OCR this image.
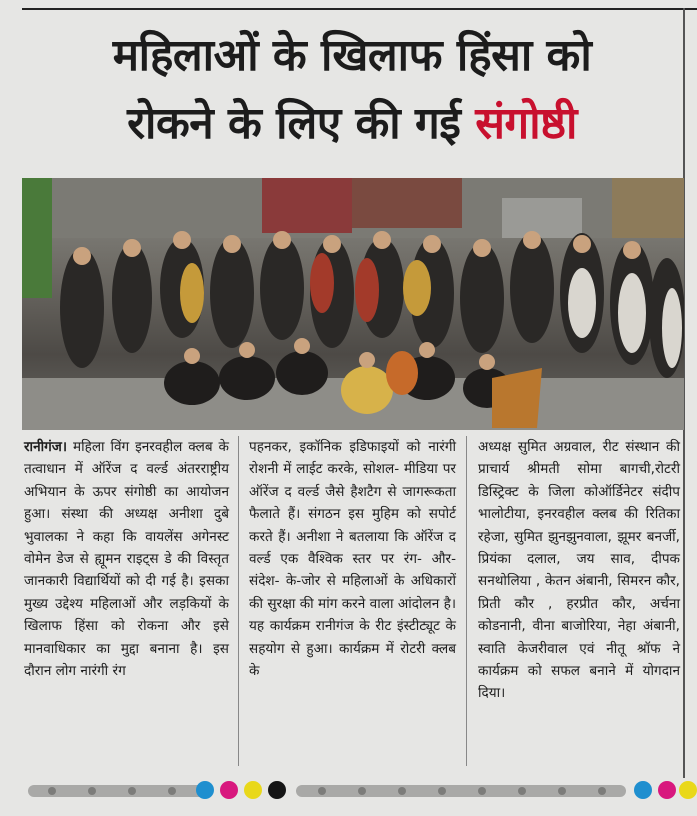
महिलाओं के खिलाफ हिंसा को
रोकने के लिए की गई संगोष्ठी

रानीगंज। महिला विंग इनरवहील क्लब के तत्वाधान में ऑरेंज द वर्ल्ड अंतरराष्ट्रीय अभियान के ऊपर संगोष्ठी का आयोजन हुआ। संस्था की अध्यक्ष अनीशा दुबे भुवालका ने कहा कि वायलेंस अगेनस्ट वोमेन डेज से ह्यूमन राइट्स डे की विस्तृत जानकारी विद्यार्थियों को दी गई है। इसका मुख्य उद्देश्य महिलाओं और लड़कियों के खिलाफ हिंसा को रोकना और इसे मानवाधिकार का मुद्दा बनाना है। इस दौरान लोग नारंगी रंग

पहनकर, इकॉनिक इडिफाइयों को नारंगी रोशनी में लाईट करके, सोशल- मीडिया पर ऑरेंज द वर्ल्ड जैसे हैशटैग से जागरूकता फैलाते हैं। संगठन इस मुहिम को सपोर्ट करते हैं। अनीशा ने बतलाया कि ऑरेंज द वर्ल्ड एक वैश्विक स्तर पर रंग- और- संदेश- के-जोर से महिलाओं के अधिकारों की सुरक्षा की मांग करने वाला आंदोलन है। यह कार्यक्रम रानीगंज के रीट इंस्टीट्यूट के सहयोग से हुआ। कार्यक्रम में रोटरी क्लब के

अध्यक्ष सुमित अग्रवाल, रीट संस्थान की प्राचार्य श्रीमती सोमा बागची,रोटरी डिस्ट्रिक्ट के जिला कोऑर्डिनेटर संदीप भालोटीया, इनरवहील क्लब की रितिका रहेजा, सुमित झुनझुनवाला, झूमर बनर्जी, प्रियंका दलाल, जय साव, दीपक सनथोलिया , केतन अंबानी, सिमरन कौर, प्रिती कौर , हरप्रीत कौर, अर्चना कोडनानी, वीना बाजोरिया, नेहा अंबानी, स्वाति केजरीवाल एवं नीतू श्रॉफ ने कार्यक्रम को सफल बनाने में योगदान दिया।
